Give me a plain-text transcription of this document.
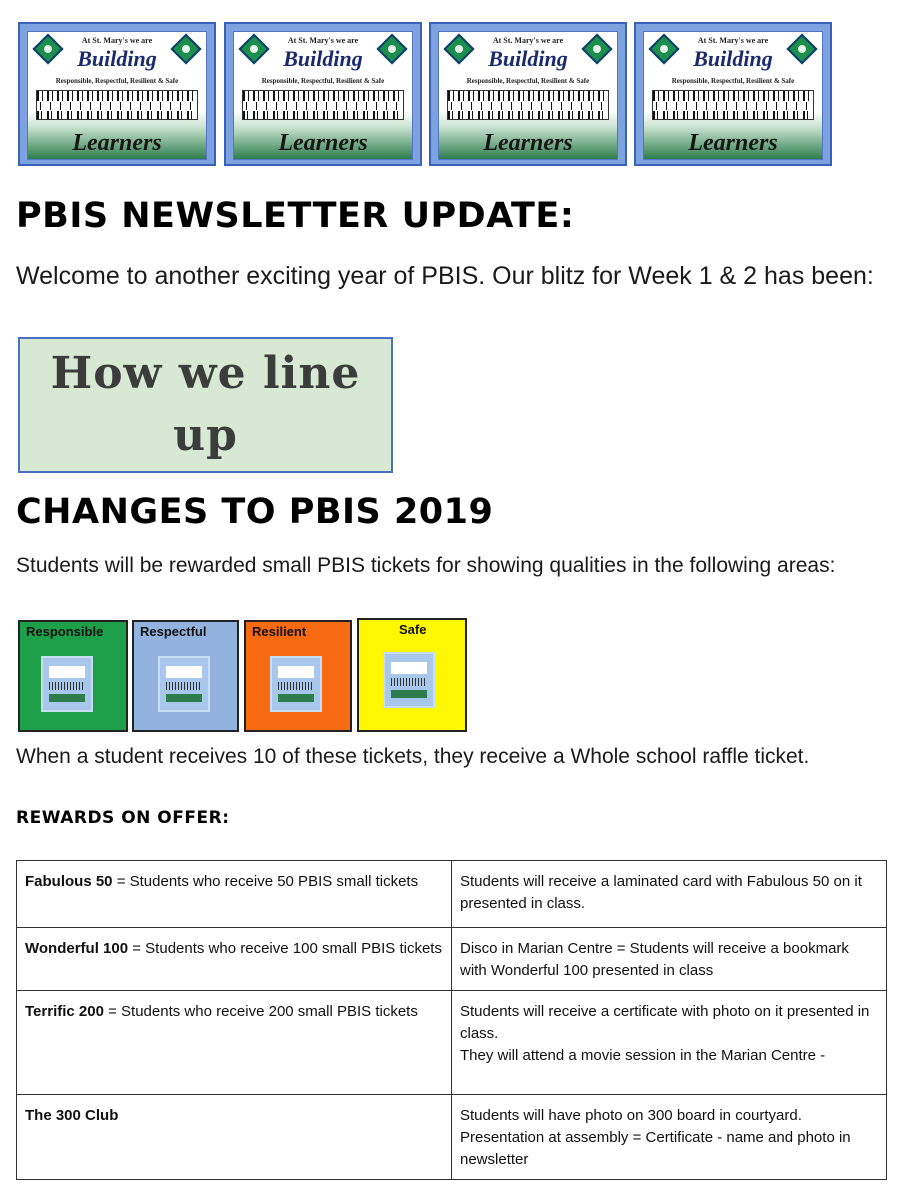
At St. Mary's we are
Building
Responsible, Respectful, Resilient & Safe
Learners
At St. Mary's we are
Building
Responsible, Respectful, Resilient & Safe
Learners
At St. Mary's we are
Building
Responsible, Respectful, Resilient & Safe
Learners
At St. Mary's we are
Building
Responsible, Respectful, Resilient & Safe
Learners
PBIS NEWSLETTER UPDATE:

Welcome to another exciting year of PBIS. Our blitz for Week 1 & 2 has been:

How we line
up
CHANGES TO PBIS 2019

Students will be rewarded small PBIS tickets for showing qualities in the following areas:

Responsible	Respectful	Resilient	Safe

When a student receives 10 of these tickets, they receive a Whole school raffle ticket.

REWARDS ON OFFER:
Fabulous 50 = Students who receive 50 PBIS small tickets	Students will receive a laminated card with Fabulous 50 on it presented in class.

Wonderful 100 = Students who receive 100 small PBIS tickets	Disco in Marian Centre = Students will receive a bookmark with Wonderful 100 presented in class

Terrific 200 = Students who receive 200 small PBIS tickets	Students will receive a certificate with photo on it presented in class.
They will attend a movie session in the Marian Centre -

The 300 Club	Students will have photo on 300 board in courtyard.
Presentation at assembly = Certificate - name and photo in newsletter
